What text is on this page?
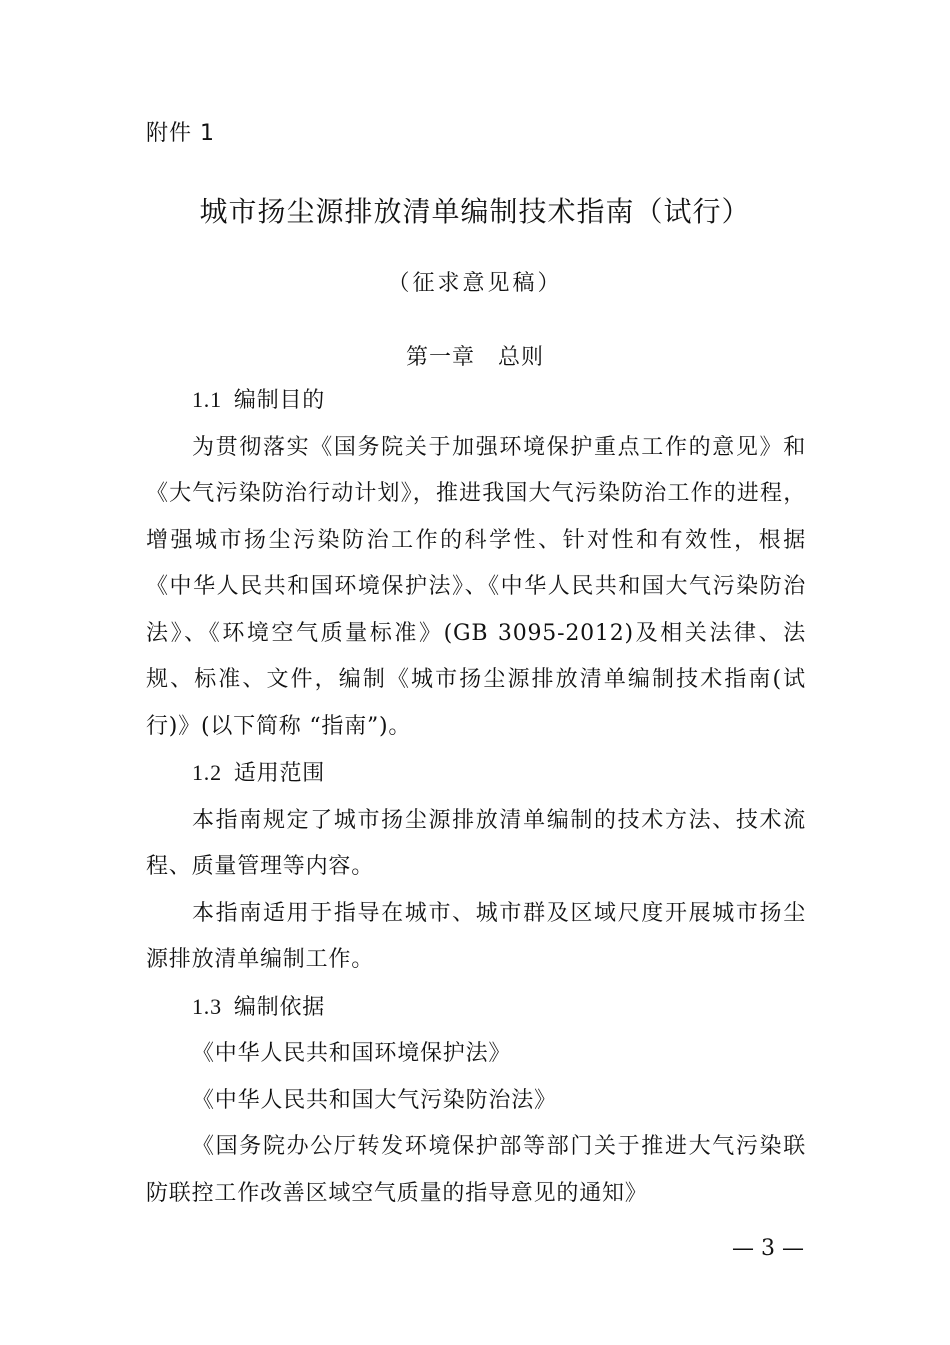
附件 1
城市扬尘源排放清单编制技术指南（试行）
（征求意见稿）
第一章　总则

1.1 编制目的

为贯彻落实《国务院关于加强环境保护重点工作的意见》和《大气污染防治行动计划》，推进我国大气污染防治工作的进程，增强城市扬尘污染防治工作的科学性、针对性和有效性，根据《中华人民共和国环境保护法》、《中华人民共和国大气污染防治法》、《环境空气质量标准》(GB 3095-2012)及相关法律、法规、标准、文件，编制《城市扬尘源排放清单编制技术指南(试行)》(以下简称 “指南”)。

1.2 适用范围

本指南规定了城市扬尘源排放清单编制的技术方法、技术流程、质量管理等内容。

本指南适用于指导在城市、城市群及区域尺度开展城市扬尘源排放清单编制工作。

1.3 编制依据

《中华人民共和国环境保护法》

《中华人民共和国大气污染防治法》

《国务院办公厅转发环境保护部等部门关于推进大气污染联防联控工作改善区域空气质量的指导意见的通知》

— 3 —
